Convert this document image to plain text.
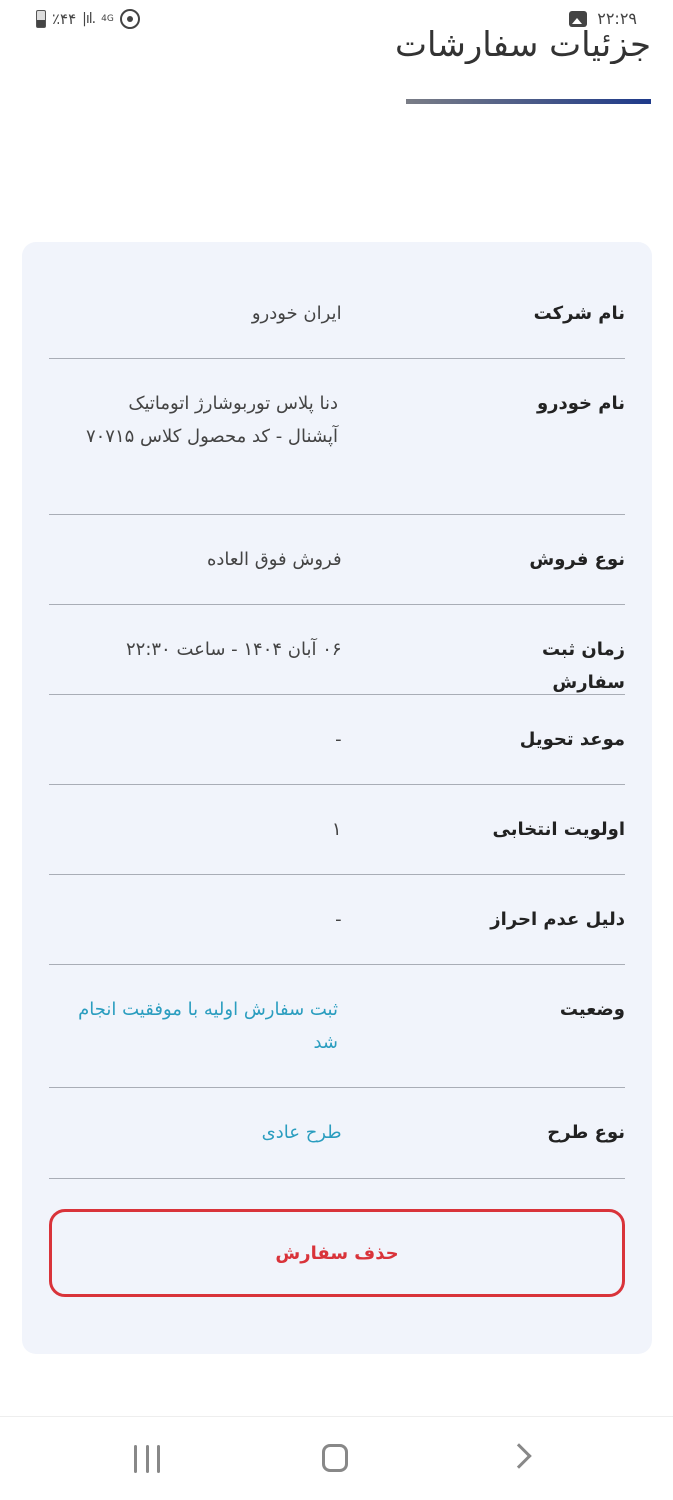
٪۴۴ |ıl. 4G	۲۲:۲۹
جزئیات سفارشات
نام شرکت
ایران خودرو
نام خودرو
دنا پلاس توربوشارژ اتوماتیک آپشنال - کد محصول کلاس ۷۰۷۱۵
نوع فروش
فروش فوق العاده
زمان ثبت سفارش
۰۶ آبان ۱۴۰۴ - ساعت ۲۲:۳۰
موعد تحویل
-
اولویت انتخابی
۱
دلیل عدم احراز
-
وضعیت
ثبت سفارش اولیه با موفقیت انجام شد
نوع طرح
طرح عادی
حذف سفارش
